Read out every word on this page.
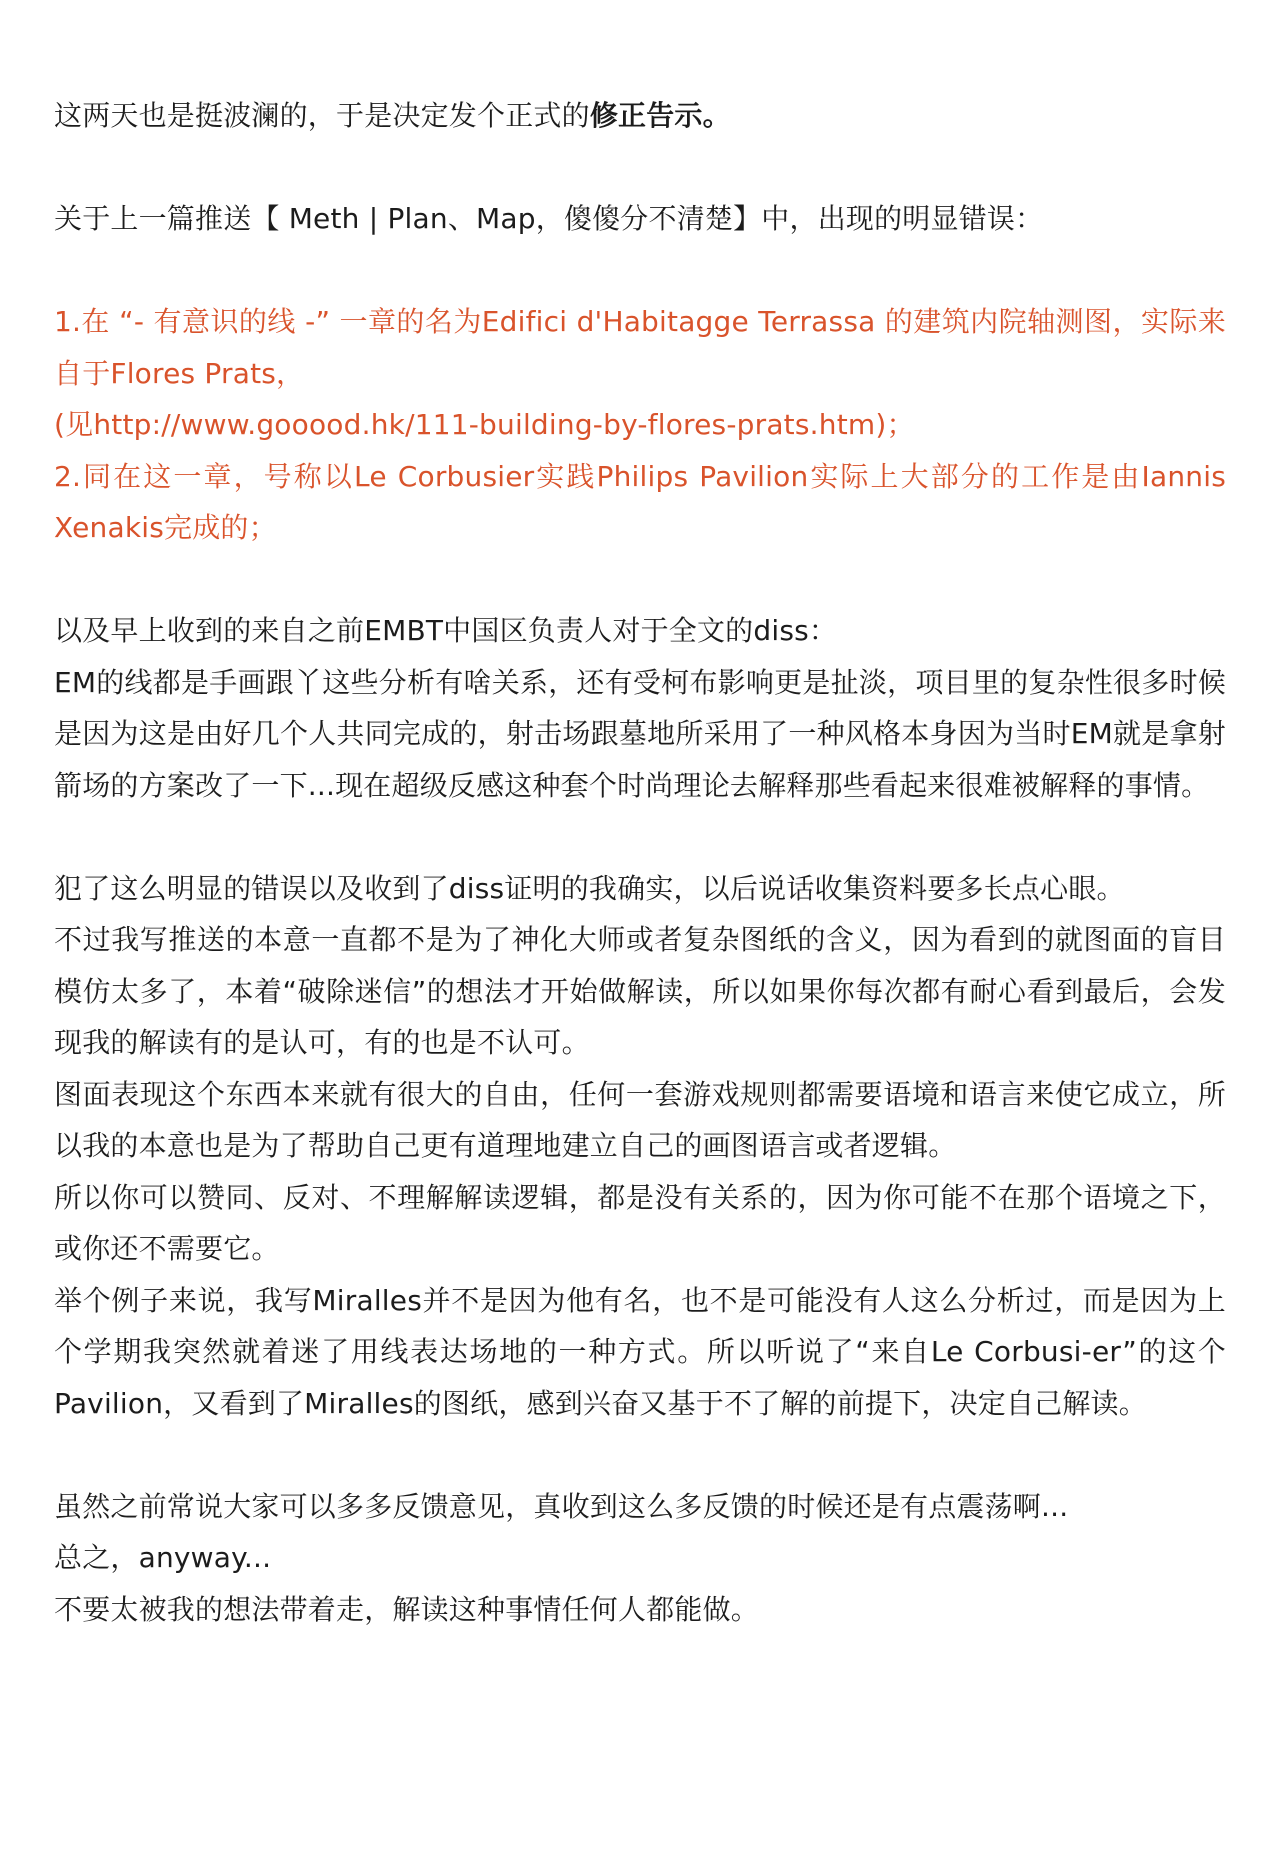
这两天也是挺波澜的，于是决定发个正式的修正告示。

关于上一篇推送【 Meth | Plan、Map，傻傻分不清楚】中，出现的明显错误：

1.在 “- 有意识的线 -” 一章的名为Edifici d'Habitagge Terrassa 的建筑内院轴测图，实际来自于Flores Prats，

(见http://www.gooood.hk/111-building-by-flores-prats.htm)；

2.同在这一章，号称以Le Corbusier实践Philips Pavilion实际上大部分的工作是由Iannis Xenakis完成的；

以及早上收到的来自之前EMBT中国区负责人对于全文的diss：

EM的线都是手画跟丫这些分析有啥关系，还有受柯布影响更是扯淡，项目里的复杂性很多时候是因为这是由好几个人共同完成的，射击场跟墓地所采用了一种风格本身因为当时EM就是拿射箭场的方案改了一下...现在超级反感这种套个时尚理论去解释那些看起来很难被解释的事情。

犯了这么明显的错误以及收到了diss证明的我确实，以后说话收集资料要多长点心眼。

不过我写推送的本意一直都不是为了神化大师或者复杂图纸的含义，因为看到的就图面的盲目模仿太多了，本着“破除迷信”的想法才开始做解读，所以如果你每次都有耐心看到最后，会发现我的解读有的是认可，有的也是不认可。

图面表现这个东西本来就有很大的自由，任何一套游戏规则都需要语境和语言来使它成立，所以我的本意也是为了帮助自己更有道理地建立自己的画图语言或者逻辑。

所以你可以赞同、反对、不理解解读逻辑，都是没有关系的，因为你可能不在那个语境之下，或你还不需要它。

举个例子来说，我写Miralles并不是因为他有名，也不是可能没有人这么分析过，而是因为上个学期我突然就着迷了用线表达场地的一种方式。所以听说了“来自Le Corbusi-er”的这个Pavilion，又看到了Miralles的图纸，感到兴奋又基于不了解的前提下，决定自己解读。

虽然之前常说大家可以多多反馈意见，真收到这么多反馈的时候还是有点震荡啊...

总之，anyway...

不要太被我的想法带着走，解读这种事情任何人都能做。
